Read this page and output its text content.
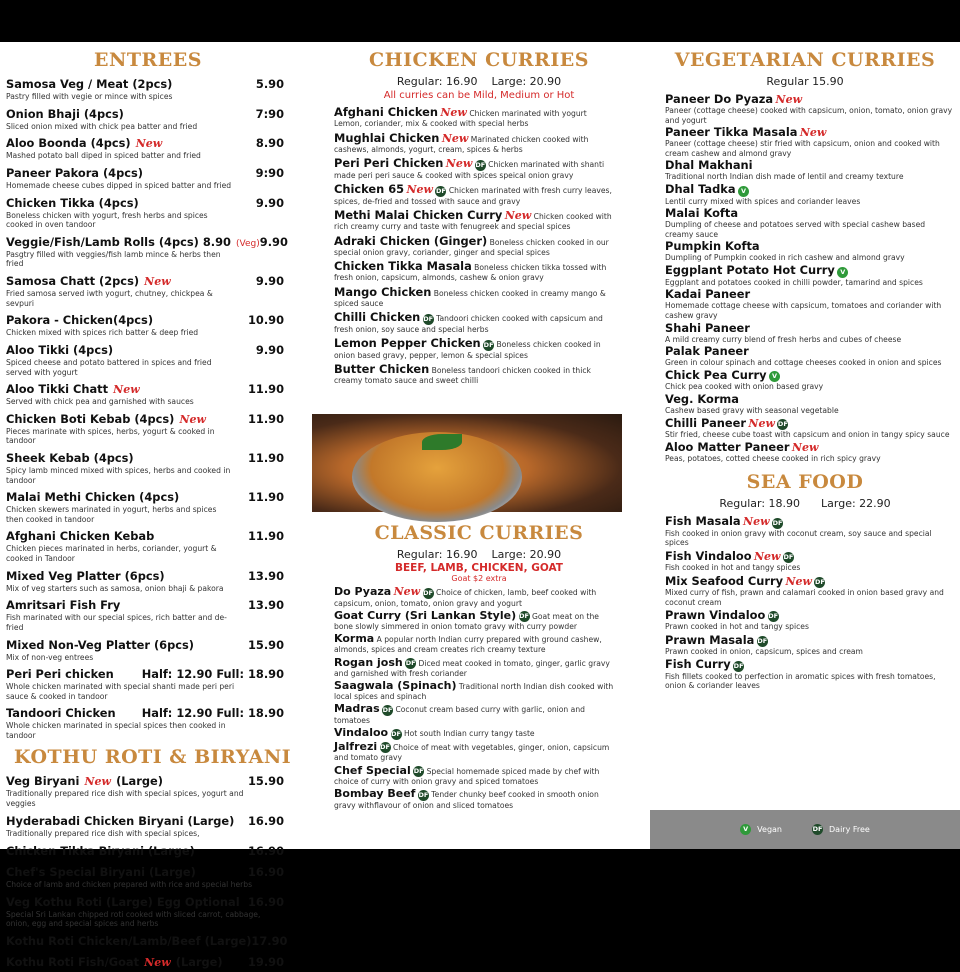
ENTREES
Samosa Veg / Meat (2pcs)	5.90
Pastry filled with vegie or mince with spices
Onion Bhaji (4pcs)	7:90
Sliced onion mixed with chick pea batter and fried
Aloo Boonda (4pcs) New	8.90
Mashed potato ball diped in spiced batter and fried
Paneer Pakora (4pcs)	9:90
Homemade cheese cubes dipped in spiced batter and fried
Chicken Tikka (4pcs)	9.90
Boneless chicken with yogurt, fresh herbs and spices cooked in oven tandoor
Veggie/Fish/Lamb Rolls (4pcs) 8.90 (Veg) 9.90
Pasgtry filled with veggies/fish lamb mince & herbs then fried
Samosa Chatt (2pcs) New	9.90
Fried samosa served iwth yogurt, chutney, chickpea & sevpuri
Pakora - Chicken(4pcs)	10.90
Chicken mixed with spices rich batter & deep fried
Aloo Tikki (4pcs)	9.90
Spiced cheese and potato battered in spices and fried served with yogurt
Aloo Tikki Chatt New	11.90
Served with chick pea and garnished with sauces
Chicken Boti Kebab (4pcs) New	11.90
Pieces marinate with spices, herbs, yogurt & cooked in tandoor
Sheek Kebab (4pcs)	11.90
Spicy lamb minced mixed with spices, herbs and cooked in tandoor
Malai Methi Chicken (4pcs)	11.90
Chicken skewers marinated in yogurt, herbs and spices then cooked in tandoor
Afghani Chicken Kebab	11.90
Chicken pieces marinated in herbs, coriander, yogurt & cooked in Tandoor
Mixed Veg Platter (6pcs)	13.90
Mix of veg starters such as samosa, onion bhaji & pakora
Amritsari Fish Fry	13.90
Fish marinated with our special spices, rich batter and de-fried
Mixed Non-Veg Platter (6pcs)	15.90
Mix of non-veg entrees
Peri Peri chicken Half: 12.90 Full: 18.90
Whole chicken marinated with special shanti made peri peri sauce & cooked in tandoor
Tandoori Chicken Half: 12.90 Full: 18.90
Whole chicken marinated in special spices then cooked in tandoor
KOTHU ROTI & BIRYANI
Veg Biryani New (Large)	15.90
Traditionally prepared rice dish with special spices, yogurt and veggies
Hyderabadi Chicken Biryani (Large) 16.90
Traditionally prepared rice dish with special spices,
Chicken Tikka Biryani (Large)	16.90
Chef's Special Biryani (Large)	16.90
Choice of lamb and chicken prepared with rice and special herbs
Veg Kothu Roti (Large) Egg Optional 16.90
Special Sri Lankan chipped roti cooked with sliced carrot, cabbage, onion, egg and special spices and herbs
Kothu Roti Chicken/Lamb/Beef (Large) 17.90
Kothu Roti Fish/Goat New (Large) 19.90
CHICKEN CURRIES
Regular: 16.90 Large: 20.90
All curries can be Mild, Medium or Hot
Afghani Chicken New Chicken marinated with yogurt Lemon, coriander, mix & cooked with special herbs
Mughlai Chicken New Marinated chicken cooked with cashews, almonds, yogurt, cream, spices & herbs
Peri Peri Chicken New DF Chicken marinated with shanti made peri peri sauce & cooked with spices speical onion gravy
Chicken 65 New DF Chicken marinated with fresh curry leaves, spices, de-fried and tossed with sauce and gravy
Methi Malai Chicken Curry New Chicken cooked with rich creamy curry and taste with fenugreek and special spices
Adraki Chicken (Ginger) Boneless chicken cooked in our special onion gravy, coriander, ginger and special spices
Chicken Tikka Masala Boneless chicken tikka tossed with fresh onion, capsicum, almonds, cashew & onion gravy
Mango Chicken Boneless chicken cooked in creamy mango & spiced sauce
Chilli Chicken DF Tandoori chicken cooked with capsicum and fresh onion, soy sauce and special herbs
Lemon Pepper Chicken DF Boneless chicken cooked in onion based gravy, pepper, lemon & special spices
Butter Chicken Boneless tandoori chicken cooked in thick creamy tomato sauce and sweet chilli
CLASSIC CURRIES
Regular: 16.90 Large: 20.90
BEEF, LAMB, CHICKEN, GOAT
Goat $2 extra
Do Pyaza New DF Choice of chicken, lamb, beef cooked with capsicum, onion, tomato, onion gravy and yogurt
Goat Curry (Sri Lankan Style) DF Goat meat on the bone slowly simmered in onion tomato gravy with curry powder
Korma A popular north Indian curry prepared with ground cashew, almonds, spices and cream creates rich creamy texture
Rogan josh DF Diced meat cooked in tomato, ginger, garlic gravy and garnished with fresh coriander
Saagwala (Spinach) Traditional north Indian dish cooked with local spices and spinach
Madras DF Coconut cream based curry with garlic, onion and tomatoes
Vindaloo DF Hot south Indian curry tangy taste
Jalfrezi DF Choice of meat with vegetables, ginger, onion, capsicum and tomato gravy
Chef Special DF Special homemade spiced made by chef with choice of curry with onion gravy and spiced tomatoes
Bombay Beef DF Tender chunky beef cooked in smooth onion gravy withflavour of onion and sliced tomatoes
VEGETARIAN CURRIES
Regular 15.90
Paneer Do Pyaza New
Paneer (cottage cheese) cooked with capsicum, onion, tomato, onion gravy and yogurt
Paneer Tikka Masala New
Paneer (cottage cheese) stir fried with capsicum, onion and cooked with cream cashew and almond gravy
Dhal Makhani
Traditional north Indian dish made of lentil and creamy texture
Dhal Tadka V
Lentil curry mixed with spices and coriander leaves
Malai Kofta
Dumpling of cheese and potatoes served with special cashew based creamy sauce
Pumpkin Kofta
Dumpling of Pumpkin cooked in rich cashew and almond gravy
Eggplant Potato Hot Curry V
Eggplant and potatoes cooked in chilli powder, tamarind and spices
Kadai Paneer
Homemade cottage cheese with capsicum, tomatoes and coriander with cashew gravy
Shahi Paneer
A mild creamy curry blend of fresh herbs and cubes of cheese
Palak Paneer
Green in colour spinach and cottage cheeses cooked in onion and spices
Chick Pea Curry V
Chick pea cooked with onion based gravy
Veg. Korma
Cashew based gravy with seasonal vegetable
Chilli Paneer New DF
Stir fried, cheese cube toast with capsicum and onion in tangy spicy sauce
Aloo Matter Paneer New
Peas, potatoes, cotted cheese cooked in rich spicy gravy
SEA FOOD
Regular: 18.90 Large: 22.90
Fish Masala New DF
Fish cooked in onion gravy with coconut cream, soy sauce and special spices
Fish Vindaloo New DF
Fish cooked in hot and tangy spices
Mix Seafood Curry New DF
Mixed curry of fish, prawn and calamari cooked in onion based gravy and coconut cream
Prawn Vindaloo DF
Prawn cooked in hot and tangy spices
Prawn Masala DF
Prawn cooked in onion, capsicum, spices and cream
Fish Curry DF
Fish fillets cooked to perfection in aromatic spices with fresh tomatoes, onion & coriander leaves
V	Vegan	DF Dairy Free
